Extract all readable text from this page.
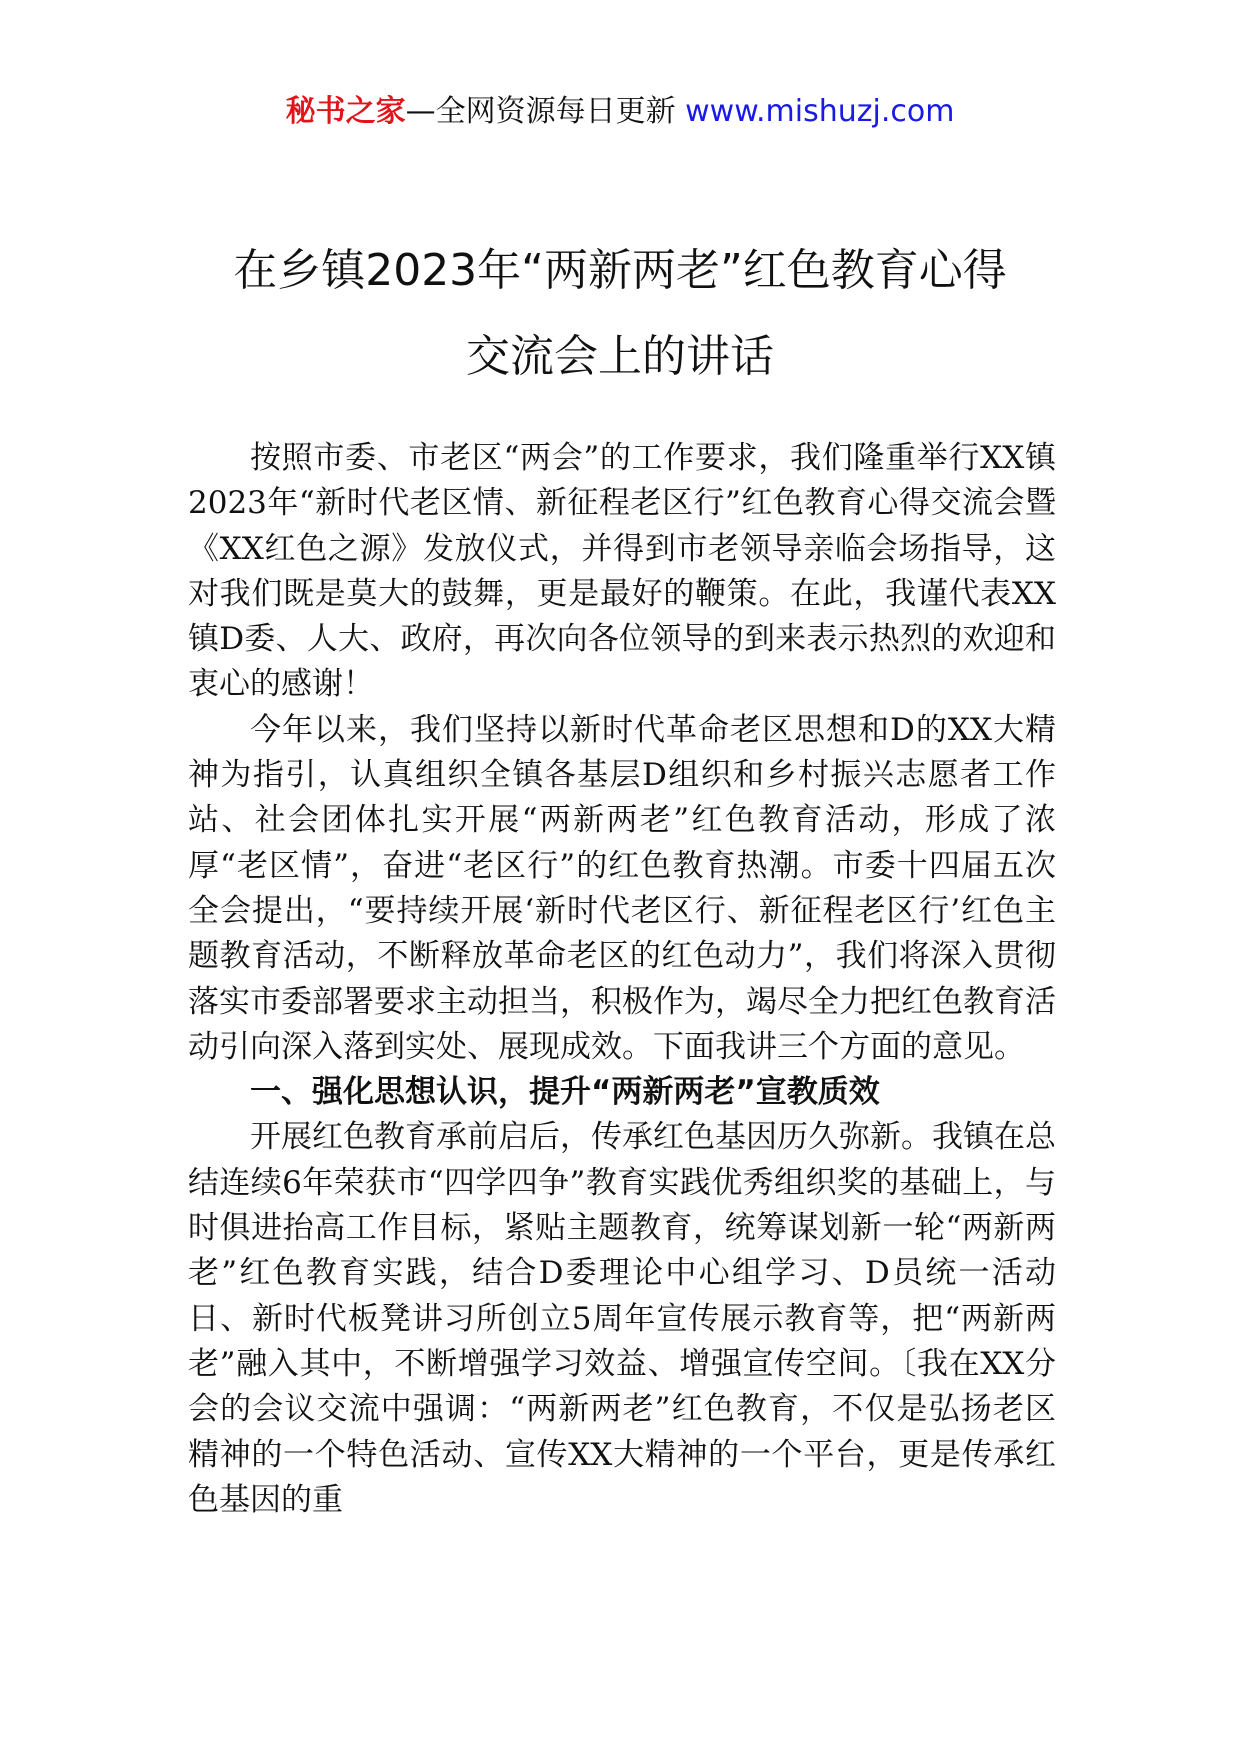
秘书之家—全网资源每日更新 www.mishuzj.com
在乡镇2023年“两新两老”红色教育心得
交流会上的讲话

按照市委、市老区“两会”的工作要求，我们隆重举行XX镇2023年“新时代老区情、新征程老区行”红色教育心得交流会暨《XX红色之源》发放仪式，并得到市老领导亲临会场指导，这对我们既是莫大的鼓舞，更是最好的鞭策。在此，我谨代表XX镇D委、人大、政府，再次向各位领导的到来表示热烈的欢迎和衷心的感谢！

今年以来，我们坚持以新时代革命老区思想和D的XX大精神为指引，认真组织全镇各基层D组织和乡村振兴志愿者工作站、社会团体扎实开展“两新两老”红色教育活动，形成了浓厚“老区情”，奋进“老区行”的红色教育热潮。市委十四届五次全会提出，“要持续开展‘新时代老区行、新征程老区行’红色主题教育活动，不断释放革命老区的红色动力”，我们将深入贯彻落实市委部署要求主动担当，积极作为，竭尽全力把红色教育活动引向深入落到实处、展现成效。下面我讲三个方面的意见。

一、强化思想认识，提升“两新两老”宣教质效

开展红色教育承前启后，传承红色基因历久弥新。我镇在总结连续6年荣获市“四学四争”教育实践优秀组织奖的基础上，与时俱进抬高工作目标，紧贴主题教育，统筹谋划新一轮“两新两老”红色教育实践，结合D委理论中心组学习、D员统一活动日、新时代板凳讲习所创立5周年宣传展示教育等，把“两新两老”融入其中，不断增强学习效益、增强宣传空间。〔我在XX分会的会议交流中强调：“两新两老”红色教育，不仅是弘扬老区精神的一个特色活动、宣传XX大精神的一个平台，更是传承红色基因的重
